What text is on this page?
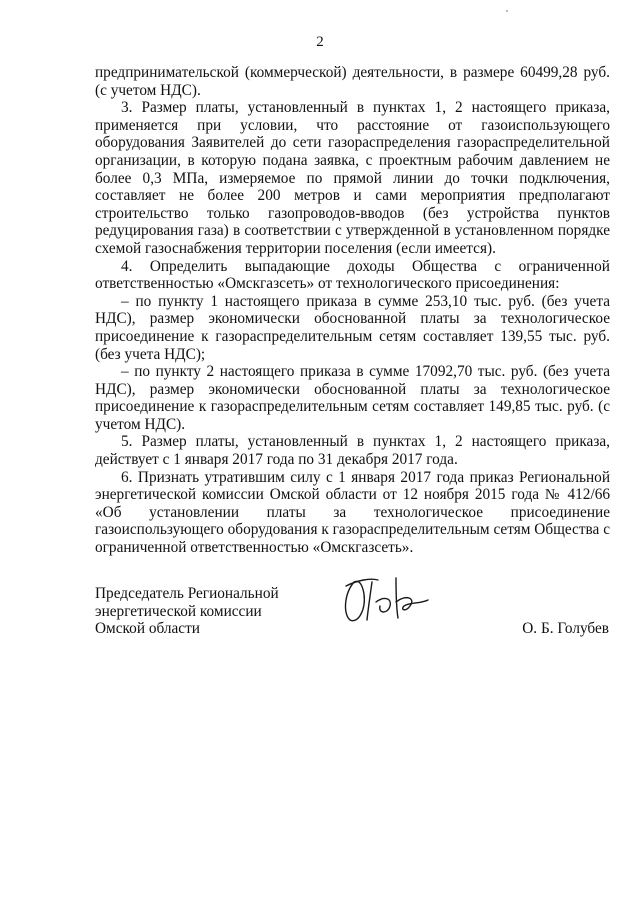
2

предпринимательской (коммерческой) деятельности, в размере 60499,28 руб. (с учетом НДС).

3. Размер платы, установленный в пунктах 1, 2 настоящего приказа, применяется при условии, что расстояние от газоиспользующего оборудования Заявителей до сети газораспределения газораспределительной организации, в которую подана заявка, с проектным рабочим давлением не более 0,3 МПа, измеряемое по прямой линии до точки подключения, составляет не более 200 метров и сами мероприятия предполагают строительство только газопроводов-вводов (без устройства пунктов редуцирования газа) в соответствии с утвержденной в установленном порядке схемой газоснабжения территории поселения (если имеется).

4. Определить выпадающие доходы Общества с ограниченной ответственностью «Омскгазсеть» от технологического присоединения:

– по пункту 1 настоящего приказа в сумме 253,10 тыс. руб. (без учета НДС), размер экономически обоснованной платы за технологическое присоединение к газораспределительным сетям составляет 139,55 тыс. руб. (без учета НДС);

– по пункту 2 настоящего приказа в сумме 17092,70 тыс. руб. (без учета НДС), размер экономически обоснованной платы за технологическое присоединение к газораспределительным сетям составляет 149,85 тыс. руб. (с учетом НДС).

5. Размер платы, установленный в пунктах 1, 2 настоящего приказа, действует с 1 января 2017 года по 31 декабря 2017 года.

6. Признать утратившим силу с 1 января 2017 года приказ Региональной энергетической комиссии Омской области от 12 ноября 2015 года № 412/66 «Об установлении платы за технологическое присоединение газоиспользующего оборудования к газораспределительным сетям Общества с ограниченной ответственностью «Омскгазсеть».

Председатель Региональной
энергетической комиссии
Омской области	О. Б. Голубев
